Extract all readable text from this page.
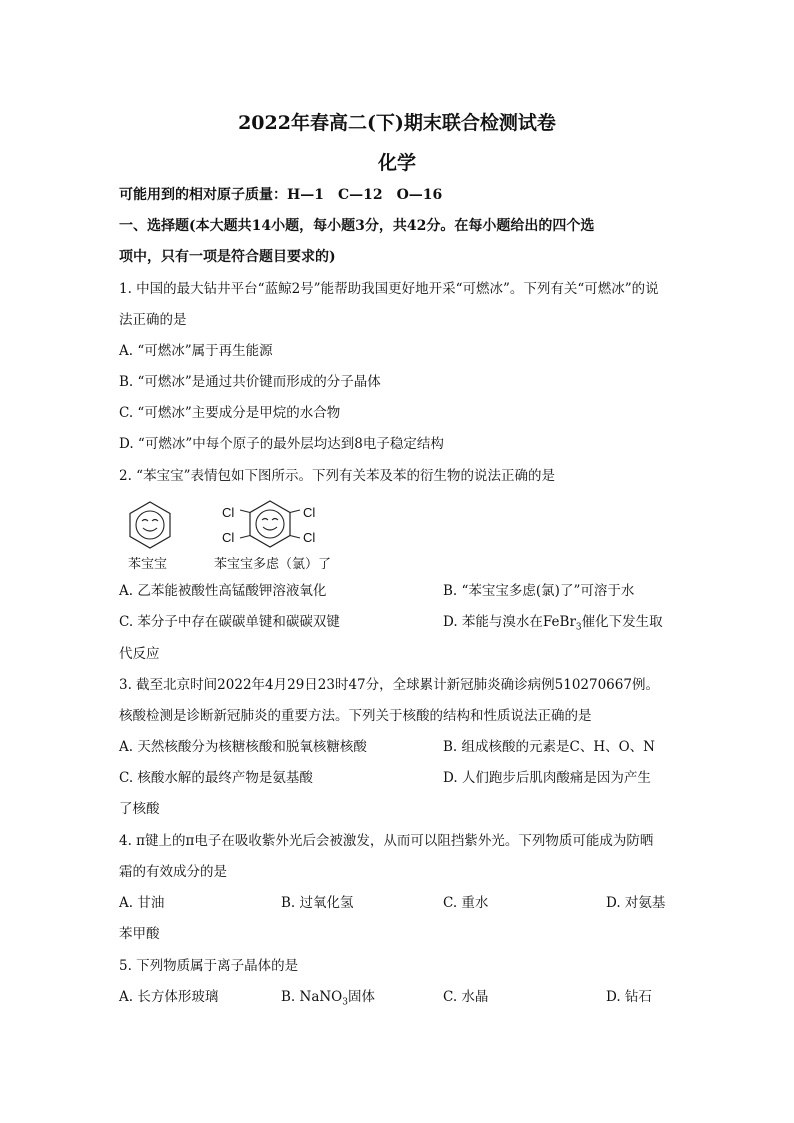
2022年春高二(下)期末联合检测试卷
化学
可能用到的相对原子质量：H—1　C—12　O—16
一、选择题(本大题共14小题，每小题3分，共42分。在每小题给出的四个选
项中，只有一项是符合题目要求的)
1. 中国的最大钻井平台“蓝鲸2号”能帮助我国更好地开采“可燃冰”。下列有关“可燃冰”的说
法正确的是
A. “可燃冰”属于再生能源
B. “可燃冰”是通过共价键而形成的分子晶体
C. “可燃冰”主要成分是甲烷的水合物
D. “可燃冰”中每个原子的最外层均达到8电子稳定结构
2. “苯宝宝”表情包如下图所示。下列有关苯及苯的衍生物的说法正确的是
苯宝宝
Cl
Cl
Cl
Cl
苯宝宝多虑（氯）了
A. 乙苯能被酸性高锰酸钾溶液氧化	B. “苯宝宝多虑(氯)了”可溶于水
C. 苯分子中存在碳碳单键和碳碳双键	D. 苯能与溴水在FeBr$_3$催化下发生取
代反应
3. 截至北京时间2022年4月29日23时47分，全球累计新冠肺炎确诊病例510270667例。
核酸检测是诊断新冠肺炎的重要方法。下列关于核酸的结构和性质说法正确的是
A. 天然核酸分为核糖核酸和脱氧核糖核酸	B. 组成核酸的元素是C、H、O、N
C. 核酸水解的最终产物是氨基酸	D. 人们跑步后肌肉酸痛是因为产生
了核酸
4. π键上的π电子在吸收紫外光后会被激发，从而可以阻挡紫外光。下列物质可能成为防晒
霜的有效成分的是
A. 甘油	B. 过氧化氢	C. 重水	D. 对氨基
苯甲酸
5. 下列物质属于离子晶体的是
A. 长方体形玻璃	B. NaNO$_3$固体	C. 水晶	D. 钻石
